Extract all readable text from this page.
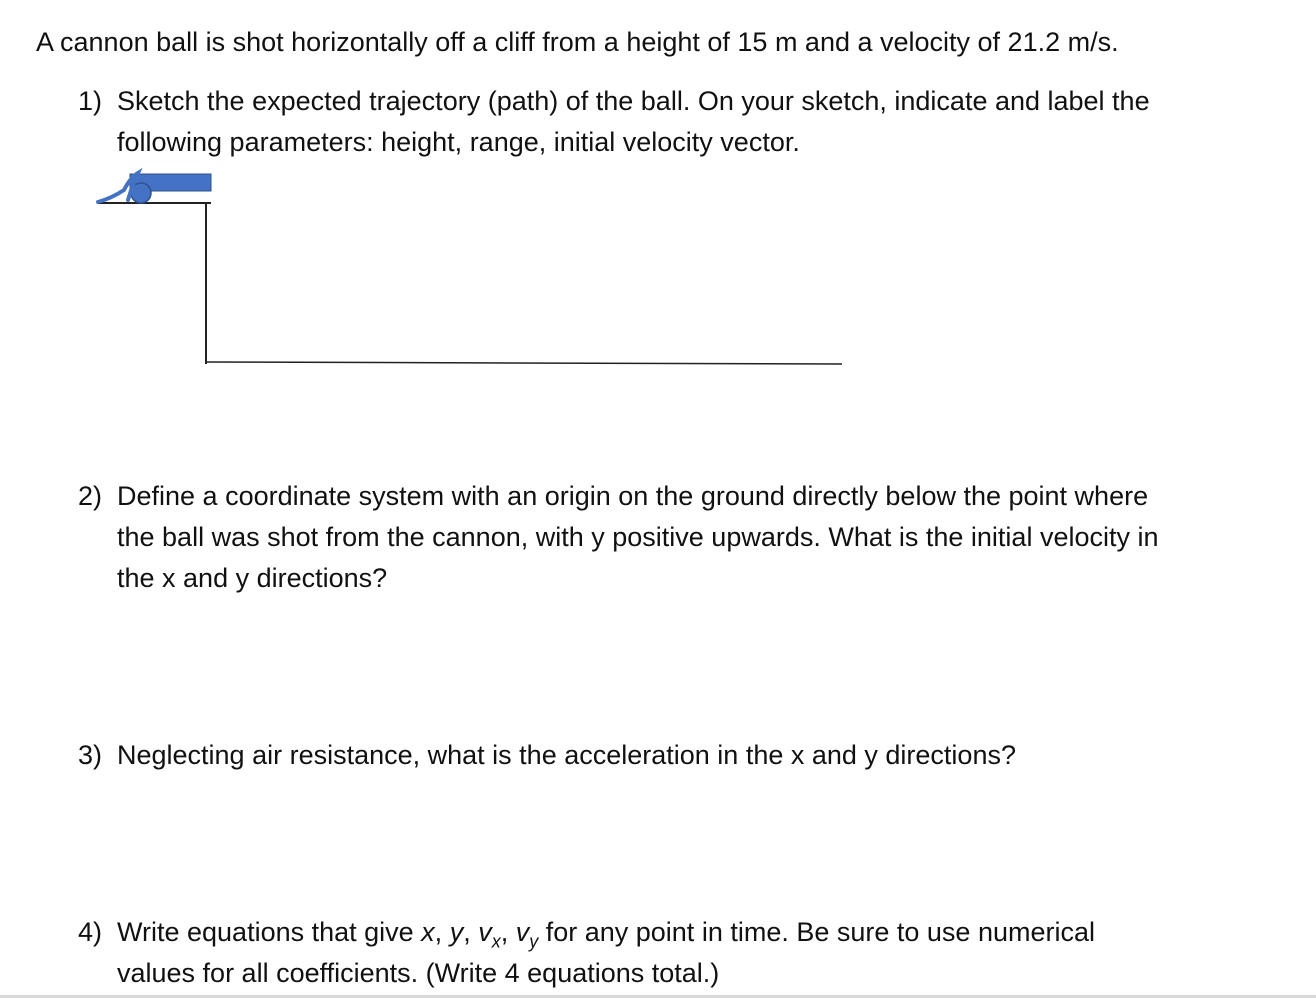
A cannon ball is shot horizontally off a cliff from a height of 15 m and a velocity of 21.2 m/s.
1) Sketch the expected trajectory (path) of the ball. On your sketch, indicate and label the
following parameters: height, range, initial velocity vector.
2) Define a coordinate system with an origin on the ground directly below the point where
the ball was shot from the cannon, with y positive upwards. What is the initial velocity in
the x and y directions?
3) Neglecting air resistance, what is the acceleration in the x and y directions?
4) Write equations that give x, y, $v_x$, $v_y$ for any point in time. Be sure to use numerical
values for all coefficients. (Write 4 equations total.)
